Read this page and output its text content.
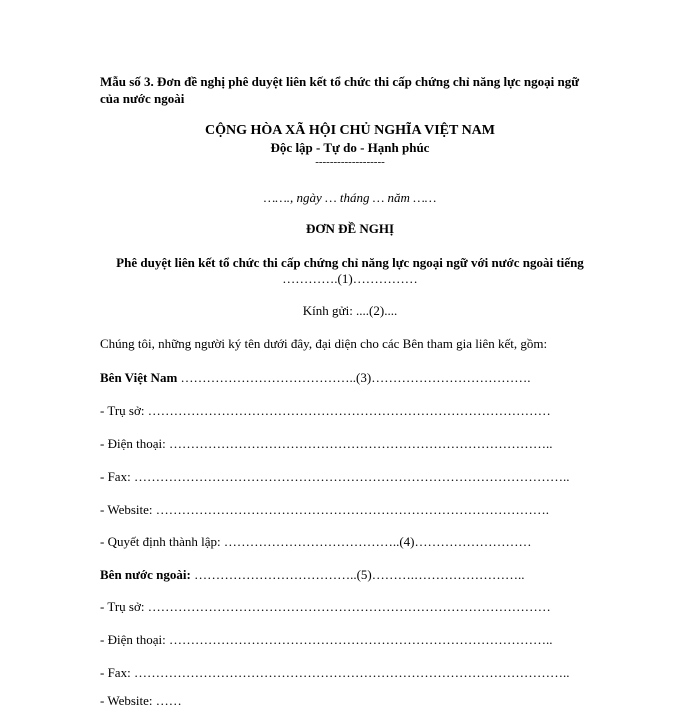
Mẫu số 3. Đơn đề nghị phê duyệt liên kết tổ chức thi cấp chứng chỉ năng lực ngoại ngữ
của nước ngoài
CỘNG HÒA XÃ HỘI CHỦ NGHĨA VIỆT NAM
Độc lập - Tự do - Hạnh phúc
-------------------
……., ngày … tháng … năm ……
ĐƠN ĐỀ NGHỊ
Phê duyệt liên kết tổ chức thi cấp chứng chỉ năng lực ngoại ngữ với nước ngoài tiếng
………….(1)……………
Kính gửi: ....(2)....
Chúng tôi, những người ký tên dưới đây, đại diện cho các Bên tham gia liên kết, gồm:
Bên Việt Nam …………………………………..(3)……………………………….
- Trụ sở: …………………………………………………………………………………
- Điện thoại: ……………………………………………………………………………..
- Fax: ………………………………………………………………………………………..
- Website: ……………………………………………………………………………….
- Quyết định thành lập: …………………………………..(4)………………………
Bên nước ngoài: ………………………………..(5)……….……………………..
- Trụ sở: …………………………………………………………………………………
- Điện thoại: ……………………………………………………………………………..
- Fax: ………………………………………………………………………………………..
- Website: ……
